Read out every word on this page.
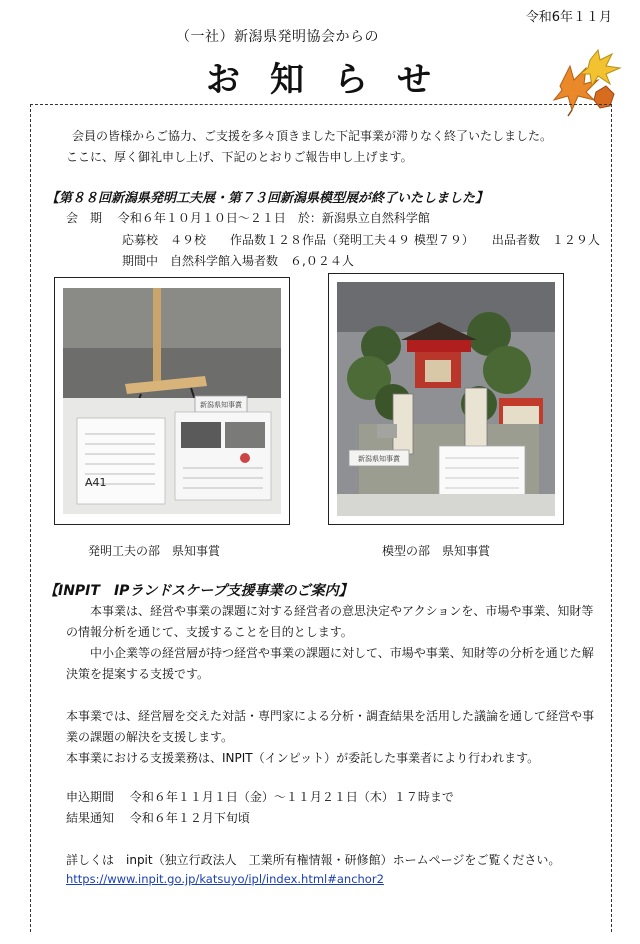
令和6年１１月
（一社）新潟県発明協会からの
お知らせ
会員の皆様からご協力、ご支援を多々頂きました下記事業が滞りなく終了いたしました。
ここに、厚く御礼申し上げ、下記のとおりご報告申し上げます。
【第８８回新潟県発明工夫展・第７３回新潟県模型展が終了いたしました】
会　期　 令和６年１０月１０日～２１日　於：新潟県立自然科学館
応募校　４９校　　作品数１２８作品（発明工夫４９ 模型７９）　　出品者数　１２９人
期間中　自然科学館入場者数　６,０２４人
新潟県知事賞
A41
新潟県知事賞
発明工夫の部　県知事賞	模型の部　県知事賞
【INPIT　IPランドスケープ支援事業のご案内】
本事業は、経営や事業の課題に対する経営者の意思決定やアクションを、市場や事業、知財等
の情報分析を通じて、支援することを目的とします。
中小企業等の経営層が持つ経営や事業の課題に対して、市場や事業、知財等の分析を通じた解
決策を提案する支援です。
本事業では、経営層を交えた対話・専門家による分析・調査結果を活用した議論を通して経営や事
業の課題の解決を支援します。
本事業における支援業務は、INPIT（インピット）が委託した事業者により行われます。
申込期間　 令和６年１１月１日（金）～１１月２１日（木）１７時まで
結果通知　 令和６年１２月下旬頃
詳しくは　inpit（独立行政法人　工業所有権情報・研修館）ホームページをご覧ください。
https://www.inpit.go.jp/katsuyo/ipl/index.html#anchor2
